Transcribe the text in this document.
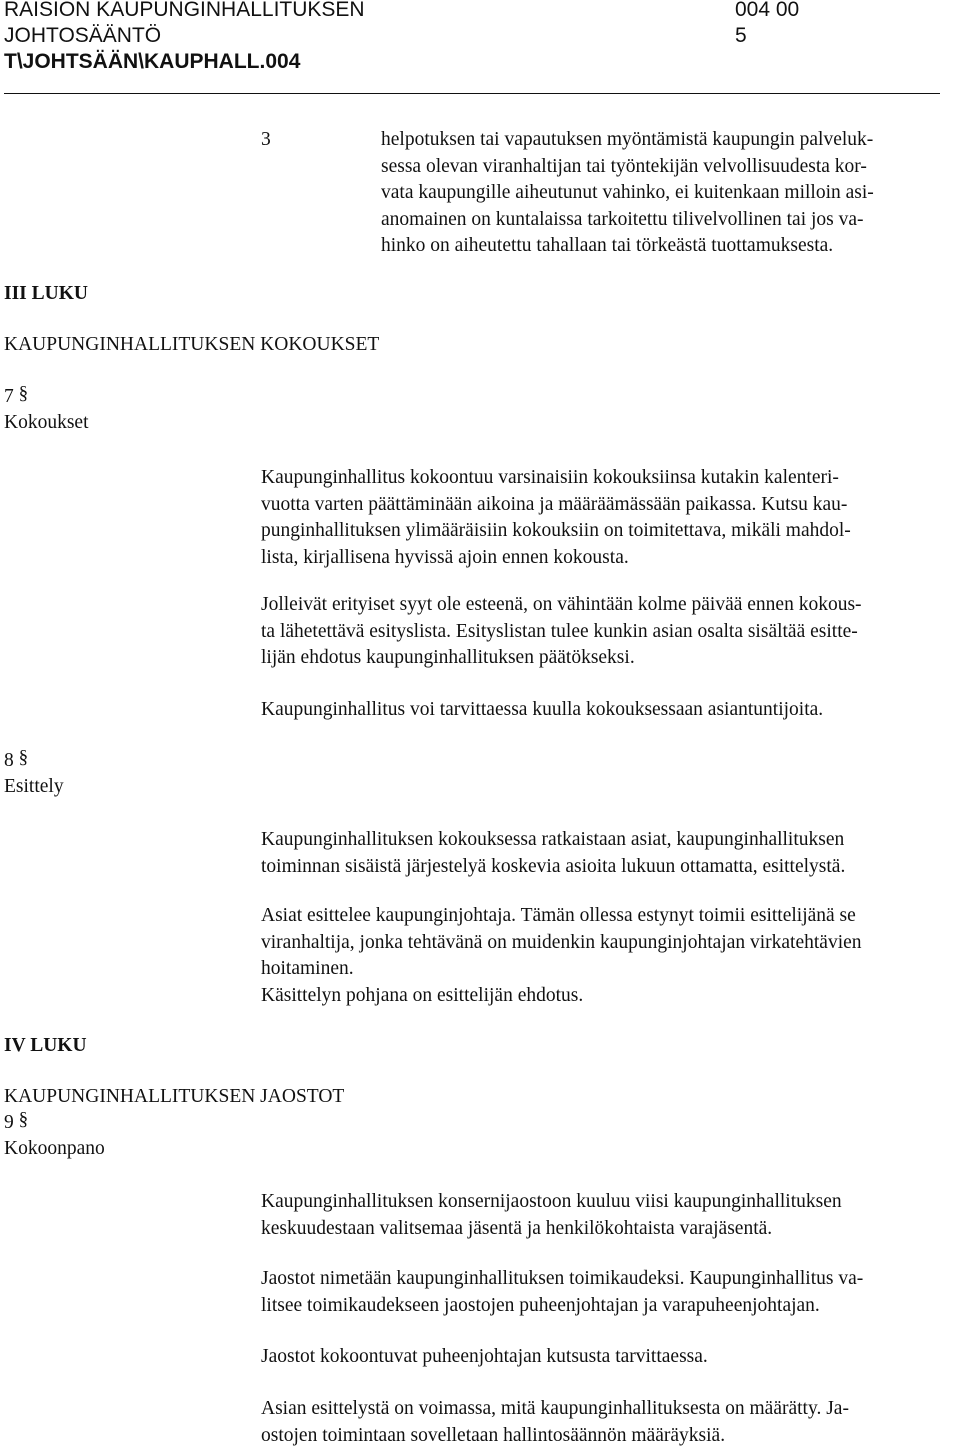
RAISION KAUPUNGINHALLITUKSEN
JOHTOSÄÄNTÖ
T\JOHTSÄÄN\KAUPHALL.004
004 00
5
3	helpotuksen tai vapautuksen myöntämistä kaupungin palveluk-
sessa olevan viranhaltijan tai työntekijän velvollisuudesta kor-
vata kaupungille aiheutunut vahinko, ei kuitenkaan milloin asi-
anomainen on kuntalaissa tarkoitettu tilivelvollinen tai jos va-
hinko on aiheutettu tahallaan tai törkeästä tuottamuksesta.
III LUKU
KAUPUNGINHALLITUKSEN KOKOUKSET
7 §
Kokoukset
Kaupunginhallitus kokoontuu varsinaisiin kokouksiinsa kutakin kalenteri-
vuotta varten päättäminään aikoina ja määräämässään paikassa. Kutsu kau-
punginhallituksen ylimääräisiin kokouksiin on toimitettava, mikäli mahdol-
lista, kirjallisena hyvissä ajoin ennen kokousta.
Jolleivät erityiset syyt ole esteenä, on vähintään kolme päivää ennen kokous-
ta lähetettävä esityslista. Esityslistan tulee kunkin asian osalta sisältää esitte-
lijän ehdotus kaupunginhallituksen päätökseksi.
Kaupunginhallitus voi tarvittaessa kuulla kokouksessaan asiantuntijoita.
8 §
Esittely
Kaupunginhallituksen kokouksessa ratkaistaan asiat, kaupunginhallituksen
toiminnan sisäistä järjestelyä koskevia asioita lukuun ottamatta, esittelystä.
Asiat esittelee kaupunginjohtaja. Tämän ollessa estynyt toimii esittelijänä se
viranhaltija, jonka tehtävänä on muidenkin kaupunginjohtajan virkatehtävien
hoitaminen.
Käsittelyn pohjana on esittelijän ehdotus.
IV LUKU
KAUPUNGINHALLITUKSEN JAOSTOT
9 §
Kokoonpano
Kaupunginhallituksen konsernijaostoon kuuluu viisi kaupunginhallituksen
keskuudestaan valitsemaa jäsentä ja henkilökohtaista varajäsentä.
Jaostot nimetään kaupunginhallituksen toimikaudeksi. Kaupunginhallitus va-
litsee toimikaudekseen jaostojen puheenjohtajan ja varapuheenjohtajan.
Jaostot kokoontuvat puheenjohtajan kutsusta tarvittaessa.
Asian esittelystä on voimassa, mitä kaupunginhallituksesta on määrätty. Ja-
ostojen toimintaan sovelletaan hallintosäännön määräyksiä.
